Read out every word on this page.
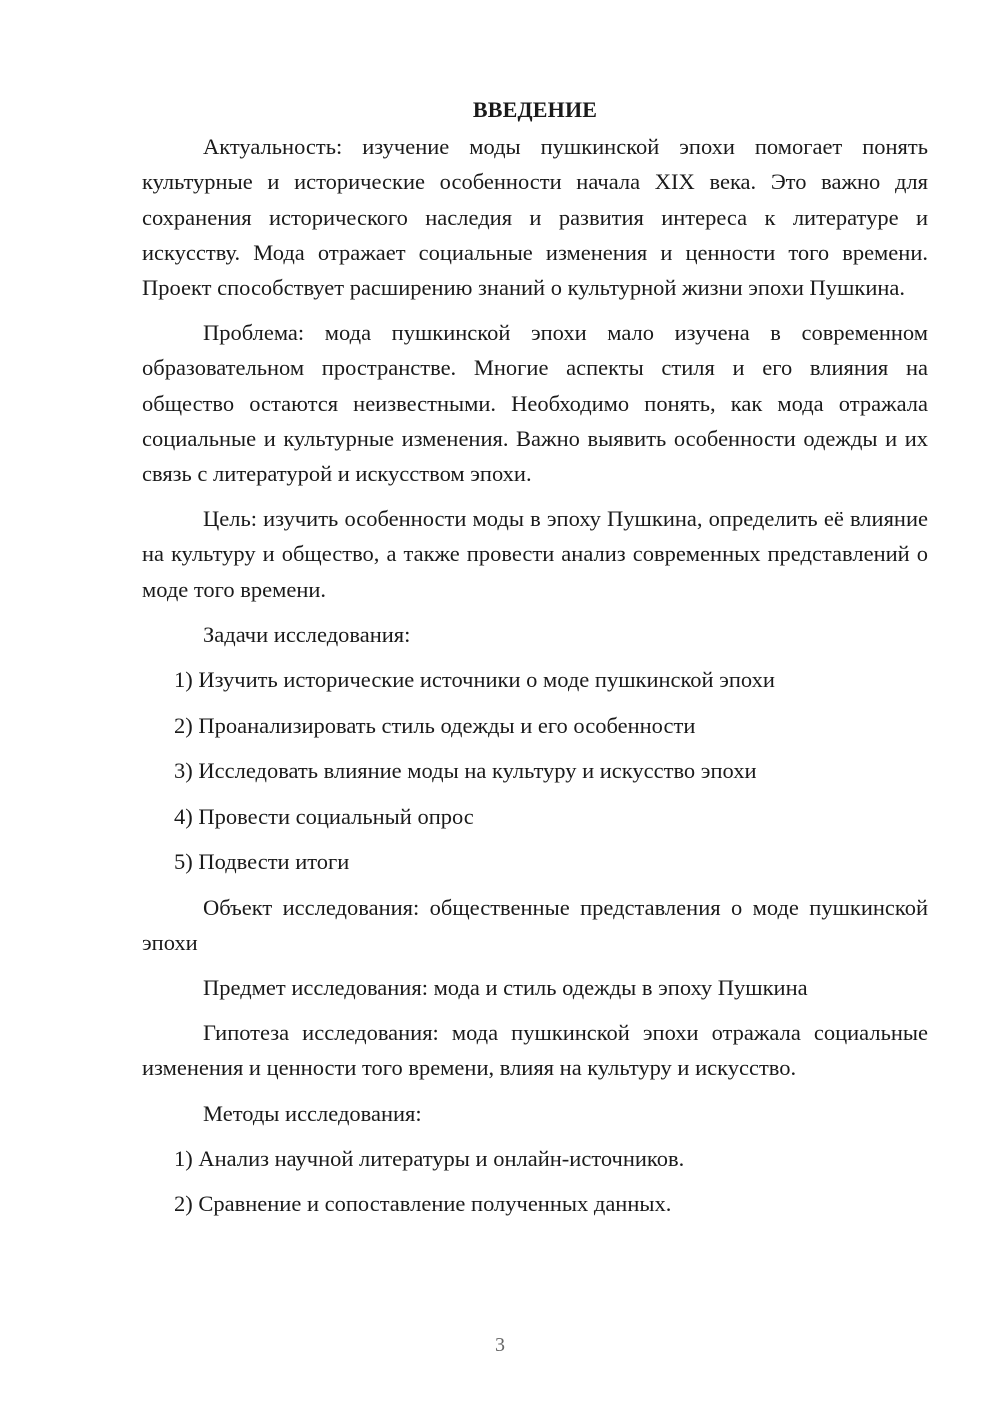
ВВЕДЕНИЕ

Актуальность: изучение моды пушкинской эпохи помогает понять культурные и исторические особенности начала XIX века. Это важно для сохранения исторического наследия и развития интереса к литературе и искусству. Мода отражает социальные изменения и ценности того времени. Проект способствует расширению знаний о культурной жизни эпохи Пушкина.

Проблема: мода пушкинской эпохи мало изучена в современном образовательном пространстве. Многие аспекты стиля и его влияния на общество остаются неизвестными. Необходимо понять, как мода отражала социальные и культурные изменения. Важно выявить особенности одежды и их связь с литературой и искусством эпохи.

Цель: изучить особенности моды в эпоху Пушкина, определить её влияние на культуру и общество, а также провести анализ современных представлений о моде того времени.

Задачи исследования:

1) Изучить исторические источники о моде пушкинской эпохи
2) Проанализировать стиль одежды и его особенности
3) Исследовать влияние моды на культуру и искусство эпохи
4) Провести социальный опрос
5) Подвести итоги

Объект исследования: общественные представления о моде пушкинской эпохи

Предмет исследования: мода и стиль одежды в эпоху Пушкина

Гипотеза исследования: мода пушкинской эпохи отражала социальные изменения и ценности того времени, влияя на культуру и искусство.

Методы исследования:

1) Анализ научной литературы и онлайн-источников.
2) Сравнение и сопоставление полученных данных.
3
